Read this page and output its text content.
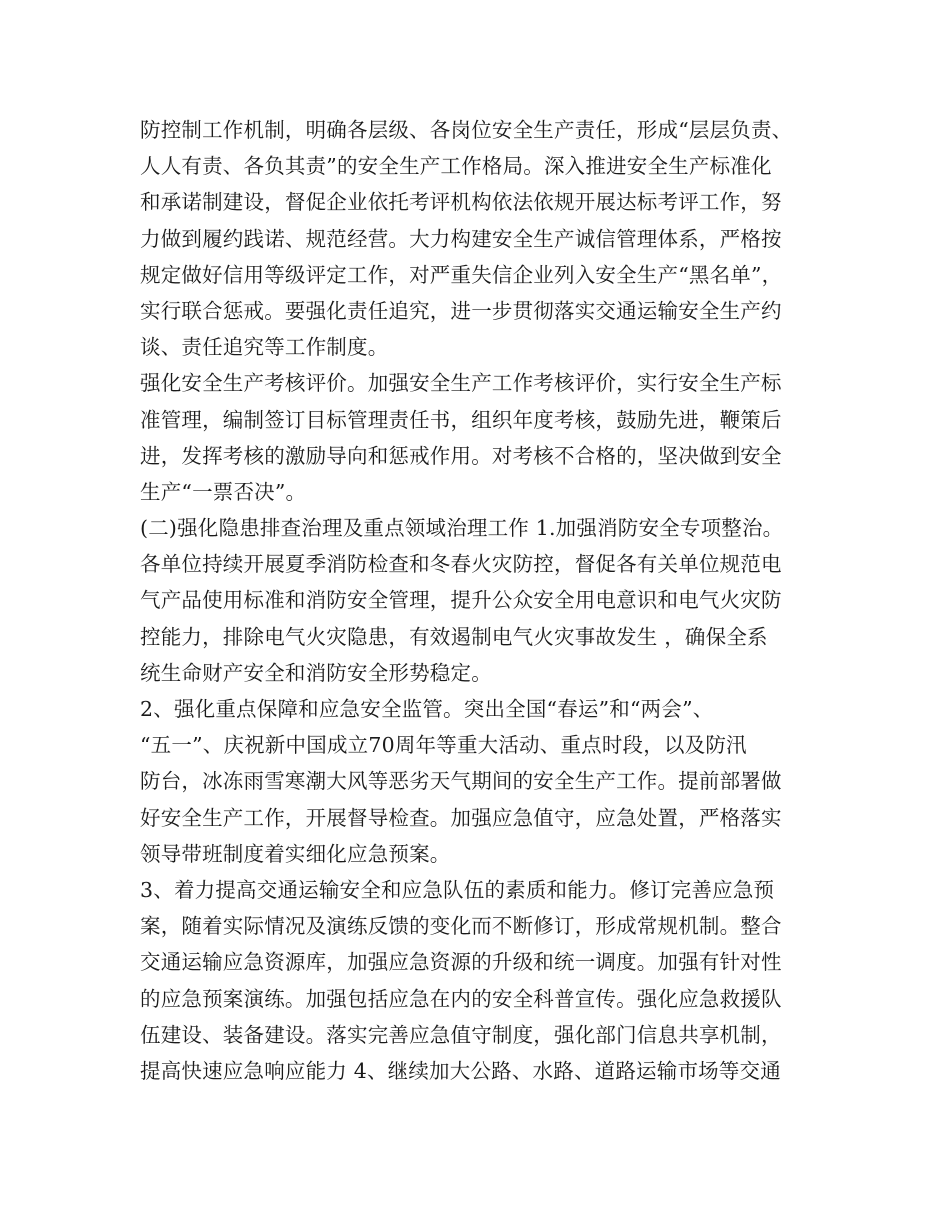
防控制工作机制，明确各层级、各岗位安全生产责任，形成“层层负责、
人人有责、各负其责”的安全生产工作格局。深入推进安全生产标准化
和承诺制建设，督促企业依托考评机构依法依规开展达标考评工作，努
力做到履约践诺、规范经营。大力构建安全生产诚信管理体系，严格按
规定做好信用等级评定工作，对严重失信企业列入安全生产“黑名单”，
实行联合惩戒。要强化责任追究，进一步贯彻落实交通运输安全生产约
谈、责任追究等工作制度。
强化安全生产考核评价。加强安全生产工作考核评价，实行安全生产标
准管理，编制签订目标管理责任书，组织年度考核，鼓励先进，鞭策后
进，发挥考核的激励导向和惩戒作用。对考核不合格的，坚决做到安全
生产“一票否决”。
(二)强化隐患排查治理及重点领域治理工作 1.加强消防安全专项整治。
各单位持续开展夏季消防检查和冬春火灾防控，督促各有关单位规范电
气产品使用标准和消防安全管理，提升公众安全用电意识和电气火灾防
控能力，排除电气火灾隐患，有效遏制电气火灾事故发生 ，确保全系
统生命财产安全和消防安全形势稳定。
2、强化重点保障和应急安全监管。突出全国“春运”和“两会”、
“五一”、庆祝新中国成立70周年等重大活动、重点时段，以及防汛
防台，冰冻雨雪寒潮大风等恶劣天气期间的安全生产工作。提前部署做
好安全生产工作，开展督导检查。加强应急值守，应急处置，严格落实
领导带班制度着实细化应急预案。
3、着力提高交通运输安全和应急队伍的素质和能力。修订完善应急预
案，随着实际情况及演练反馈的变化而不断修订，形成常规机制。整合
交通运输应急资源库，加强应急资源的升级和统一调度。加强有针对性
的应急预案演练。加强包括应急在内的安全科普宣传。强化应急救援队
伍建设、装备建设。落实完善应急值守制度，强化部门信息共享机制，
提高快速应急响应能力 4、继续加大公路、水路、道路运输市场等交通
